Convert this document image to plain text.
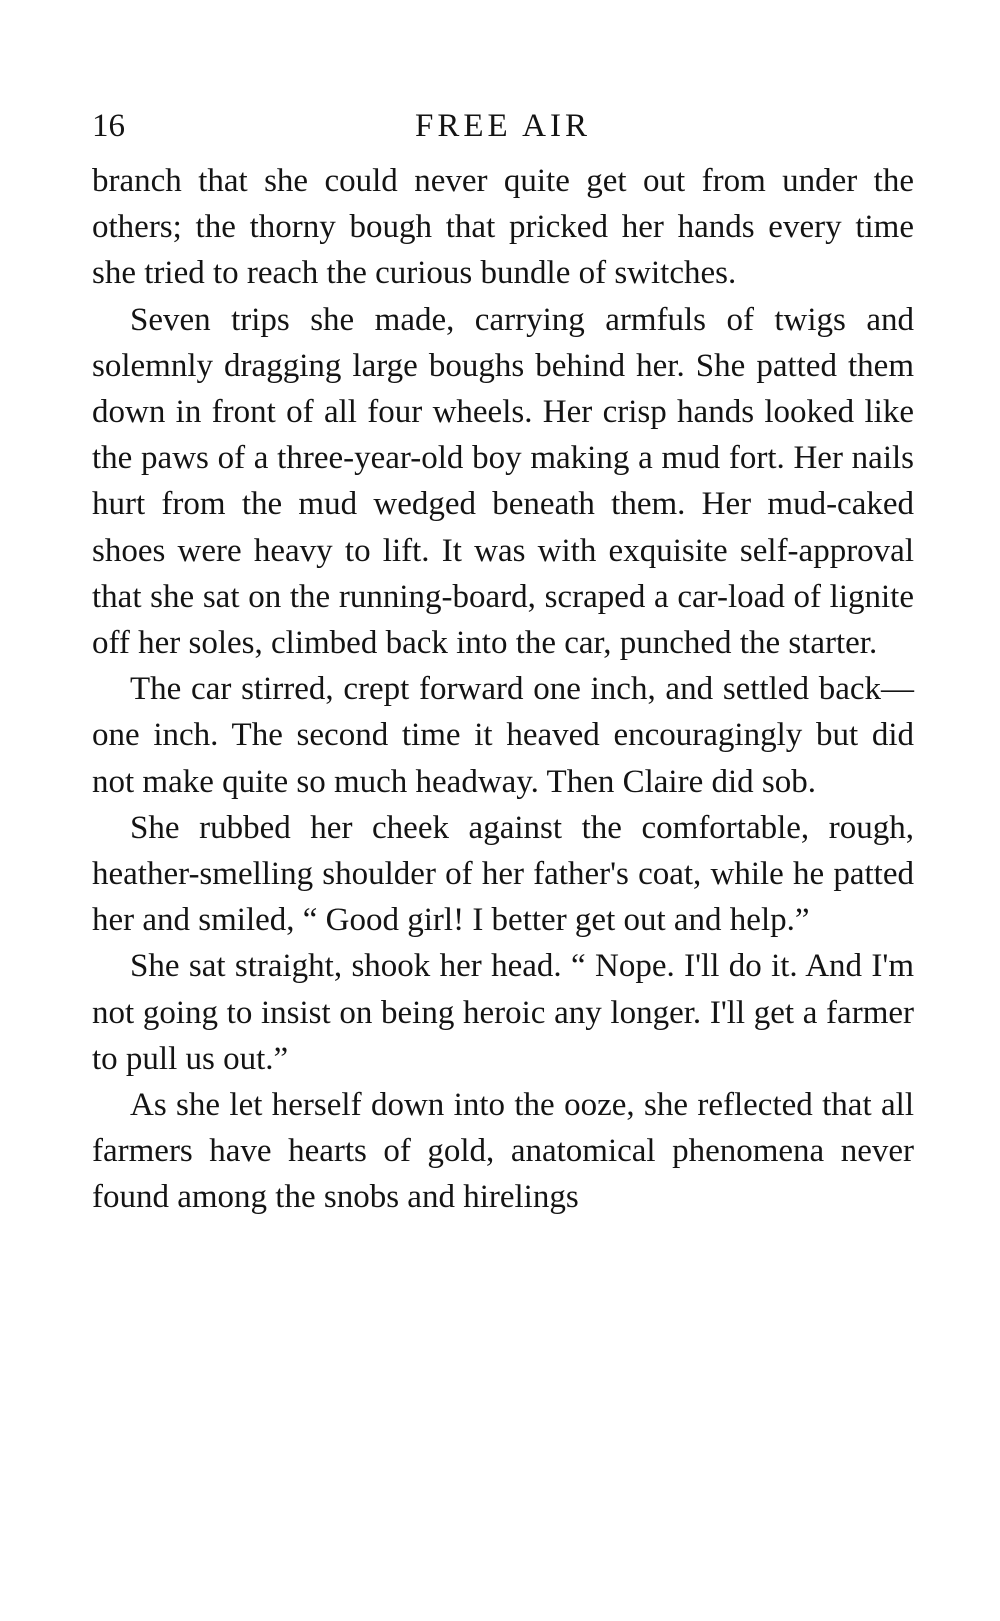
16	FREE AIR

branch that she could never quite get out from under the others; the thorny bough that pricked her hands every time she tried to reach the curious bundle of switches.

Seven trips she made, carrying armfuls of twigs and solemnly dragging large boughs behind her. She patted them down in front of all four wheels. Her crisp hands looked like the paws of a three-year-old boy making a mud fort. Her nails hurt from the mud wedged beneath them. Her mud-caked shoes were heavy to lift. It was with exquisite self-approval that she sat on the running-board, scraped a car-load of lignite off her soles, climbed back into the car, punched the starter.

The car stirred, crept forward one inch, and settled back—one inch. The second time it heaved encouragingly but did not make quite so much headway. Then Claire did sob.

She rubbed her cheek against the comfortable, rough, heather-smelling shoulder of her father's coat, while he patted her and smiled, “ Good girl! I better get out and help.”

She sat straight, shook her head. “ Nope. I'll do it. And I'm not going to insist on being heroic any longer. I'll get a farmer to pull us out.”

As she let herself down into the ooze, she reflected that all farmers have hearts of gold, anatomical phenomena never found among the snobs and hirelings
